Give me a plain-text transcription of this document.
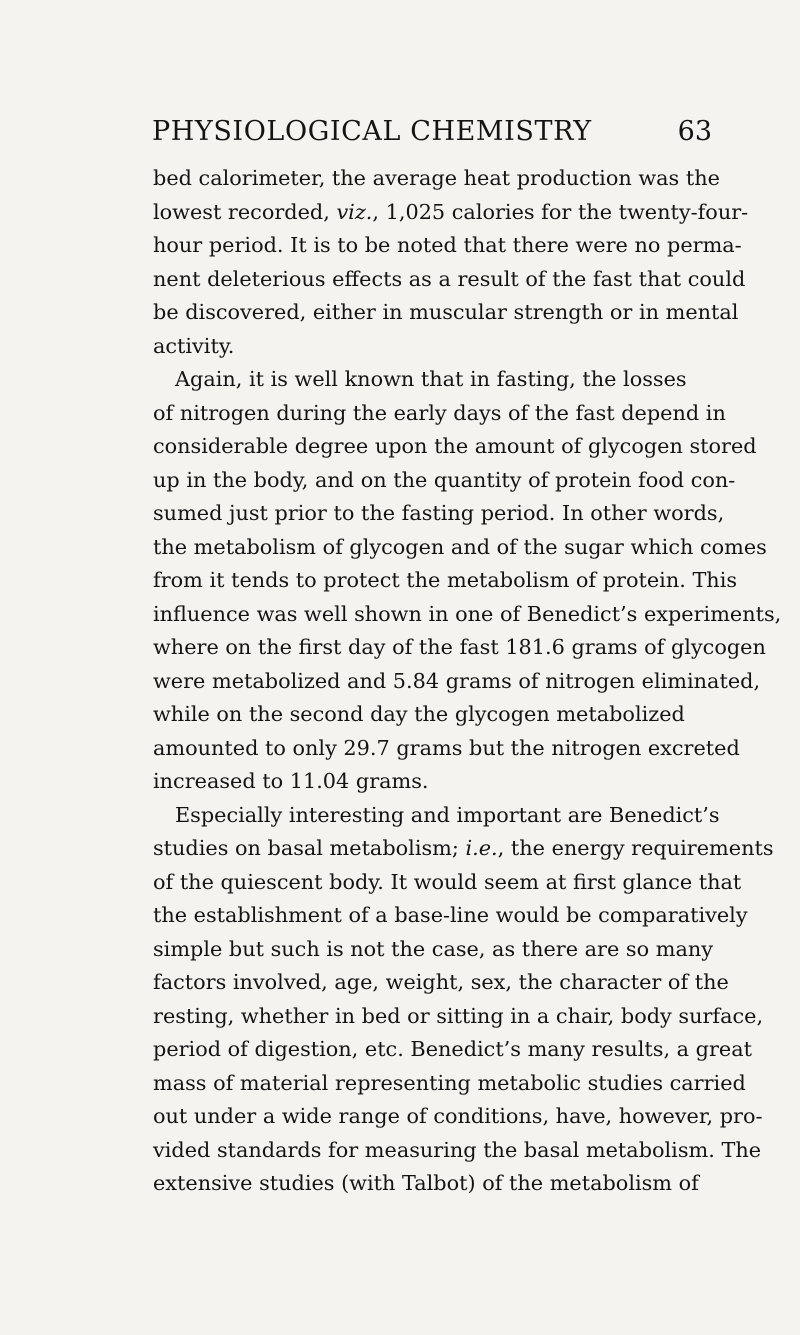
PHYSIOLOGICAL CHEMISTRY	63
bed calorimeter, the average heat production was the
lowest recorded, viz., 1,025 calories for the twenty-four-
hour period. It is to be noted that there were no perma-
nent deleterious effects as a result of the fast that could
be discovered, either in muscular strength or in mental
activity.
Again, it is well known that in fasting, the losses
of nitrogen during the early days of the fast depend in
considerable degree upon the amount of glycogen stored
up in the body, and on the quantity of protein food con-
sumed just prior to the fasting period. In other words,
the metabolism of glycogen and of the sugar which comes
from it tends to protect the metabolism of protein. This
influence was well shown in one of Benedict’s experiments,
where on the first day of the fast 181.6 grams of glycogen
were metabolized and 5.84 grams of nitrogen eliminated,
while on the second day the glycogen metabolized
amounted to only 29.7 grams but the nitrogen excreted
increased to 11.04 grams.
Especially interesting and important are Benedict’s
studies on basal metabolism; i.e., the energy requirements
of the quiescent body. It would seem at first glance that
the establishment of a base-line would be comparatively
simple but such is not the case, as there are so many
factors involved, age, weight, sex, the character of the
resting, whether in bed or sitting in a chair, body surface,
period of digestion, etc. Benedict’s many results, a great
mass of material representing metabolic studies carried
out under a wide range of conditions, have, however, pro-
vided standards for measuring the basal metabolism. The
extensive studies (with Talbot) of the metabolism of
